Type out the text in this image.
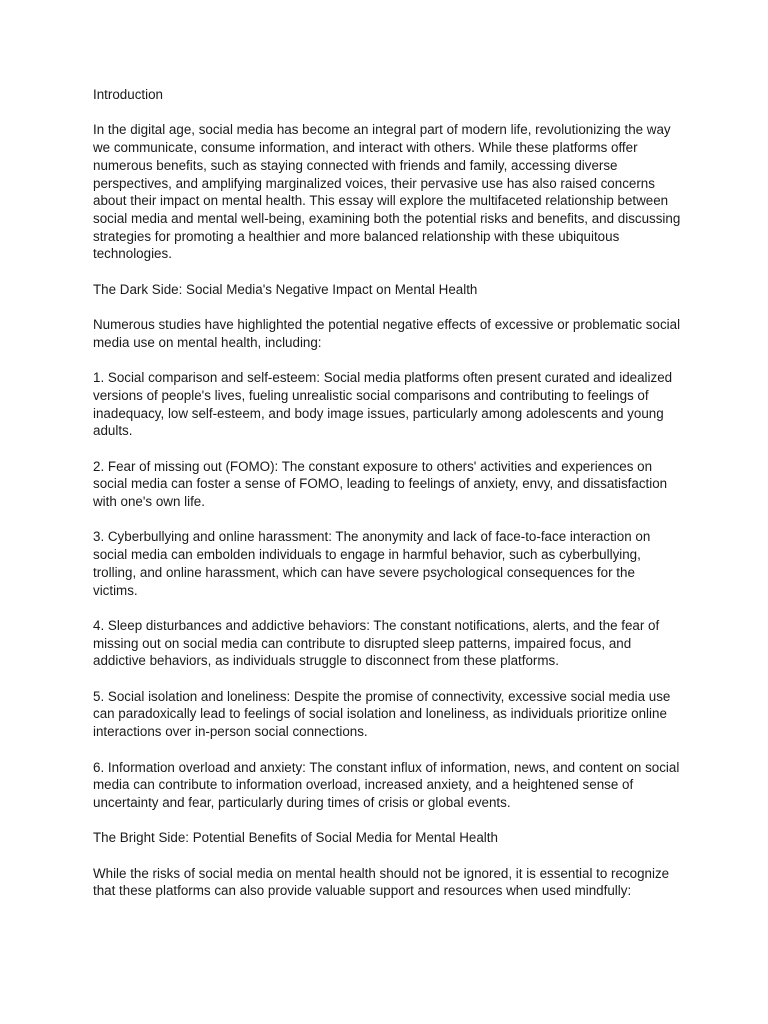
Introduction

In the digital age, social media has become an integral part of modern life, revolutionizing the way we communicate, consume information, and interact with others. While these platforms offer numerous benefits, such as staying connected with friends and family, accessing diverse perspectives, and amplifying marginalized voices, their pervasive use has also raised concerns about their impact on mental health. This essay will explore the multifaceted relationship between social media and mental well-being, examining both the potential risks and benefits, and discussing strategies for promoting a healthier and more balanced relationship with these ubiquitous technologies.

The Dark Side: Social Media's Negative Impact on Mental Health

Numerous studies have highlighted the potential negative effects of excessive or problematic social media use on mental health, including:

1. Social comparison and self-esteem: Social media platforms often present curated and idealized versions of people's lives, fueling unrealistic social comparisons and contributing to feelings of inadequacy, low self-esteem, and body image issues, particularly among adolescents and young adults.

2. Fear of missing out (FOMO): The constant exposure to others' activities and experiences on social media can foster a sense of FOMO, leading to feelings of anxiety, envy, and dissatisfaction with one's own life.

3. Cyberbullying and online harassment: The anonymity and lack of face-to-face interaction on social media can embolden individuals to engage in harmful behavior, such as cyberbullying, trolling, and online harassment, which can have severe psychological consequences for the victims.

4. Sleep disturbances and addictive behaviors: The constant notifications, alerts, and the fear of missing out on social media can contribute to disrupted sleep patterns, impaired focus, and addictive behaviors, as individuals struggle to disconnect from these platforms.

5. Social isolation and loneliness: Despite the promise of connectivity, excessive social media use can paradoxically lead to feelings of social isolation and loneliness, as individuals prioritize online interactions over in-person social connections.

6. Information overload and anxiety: The constant influx of information, news, and content on social media can contribute to information overload, increased anxiety, and a heightened sense of uncertainty and fear, particularly during times of crisis or global events.

The Bright Side: Potential Benefits of Social Media for Mental Health

While the risks of social media on mental health should not be ignored, it is essential to recognize that these platforms can also provide valuable support and resources when used mindfully:
